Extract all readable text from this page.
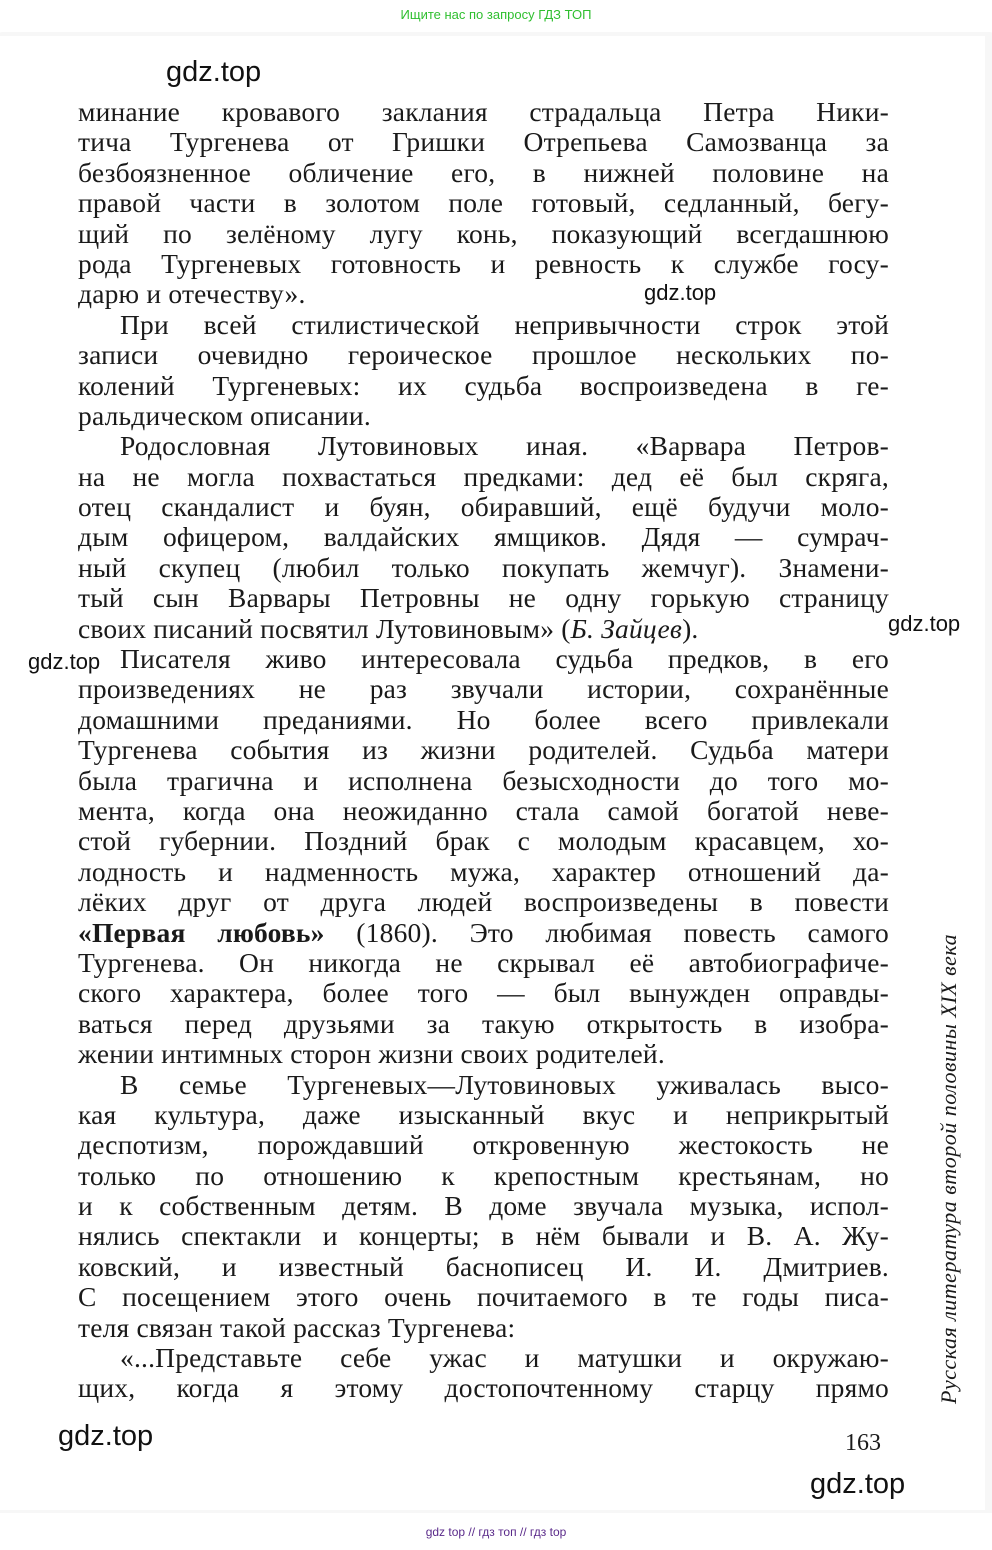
Ищите нас по запросу ГДЗ ТОП
минание кровавого заклания страдальца Петра Ники-
тича Тургенева от Гришки Отрепьева Самозванца за
безбоязненное обличение его, в нижней половине на
правой части в золотом поле готовый, седланный, бегу-
щий по зелёному лугу конь, показующий всегдашнюю
рода Тургеневых готовность и ревность к службе госу-
дарю и отечеству».
При всей стилистической непривычности строк этой
записи очевидно героическое прошлое нескольких по-
колений Тургеневых: их судьба воспроизведена в ге-
ральдическом описании.
Родословная Лутовиновых иная. «Варвара Петров-
на не могла похвастаться предками: дед её был скряга,
отец скандалист и буян, обиравший, ещё будучи моло-
дым офицером, валдайских ямщиков. Дядя — сумрач-
ный скупец (любил только покупать жемчуг). Знамени-
тый сын Варвары Петровны не одну горькую страницу
своих писаний посвятил Лутовиновым» (Б. Зайцев).
Писателя живо интересовала судьба предков, в его
произведениях не раз звучали истории, сохранённые
домашними преданиями. Но более всего привлекали
Тургенева события из жизни родителей. Судьба матери
была трагична и исполнена безысходности до того мо-
мента, когда она неожиданно стала самой богатой неве-
стой губернии. Поздний брак с молодым красавцем, хо-
лодность и надменность мужа, характер отношений да-
лёких друг от друга людей воспроизведены в повести
«Первая любовь» (1860). Это любимая повесть самого
Тургенева. Он никогда не скрывал её автобиографиче-
ского характера, более того — был вынужден оправды-
ваться перед друзьями за такую открытость в изобра-
жении интимных сторон жизни своих родителей.
В семье Тургеневых—Лутовиновых уживалась высо-
кая культура, даже изысканный вкус и неприкрытый
деспотизм, порождавший откровенную жестокость не
только по отношению к крепостным крестьянам, но
и к собственным детям. В доме звучала музыка, испол-
нялись спектакли и концерты; в нём бывали и В. А. Жу-
ковский, и известный баснописец И. И. Дмитриев.
С посещением этого очень почитаемого в те годы писа-
теля связан такой рассказ Тургенева:
«...Представьте себе ужас и матушки и окружаю-
щих, когда я этому достопочтенному старцу прямо Русская литература второй половины XIX века
163
gdz.top
gdz.top
gdz.top
gdz.top
gdz.top
gdz.top
gdz top // гдз топ // гдз top
